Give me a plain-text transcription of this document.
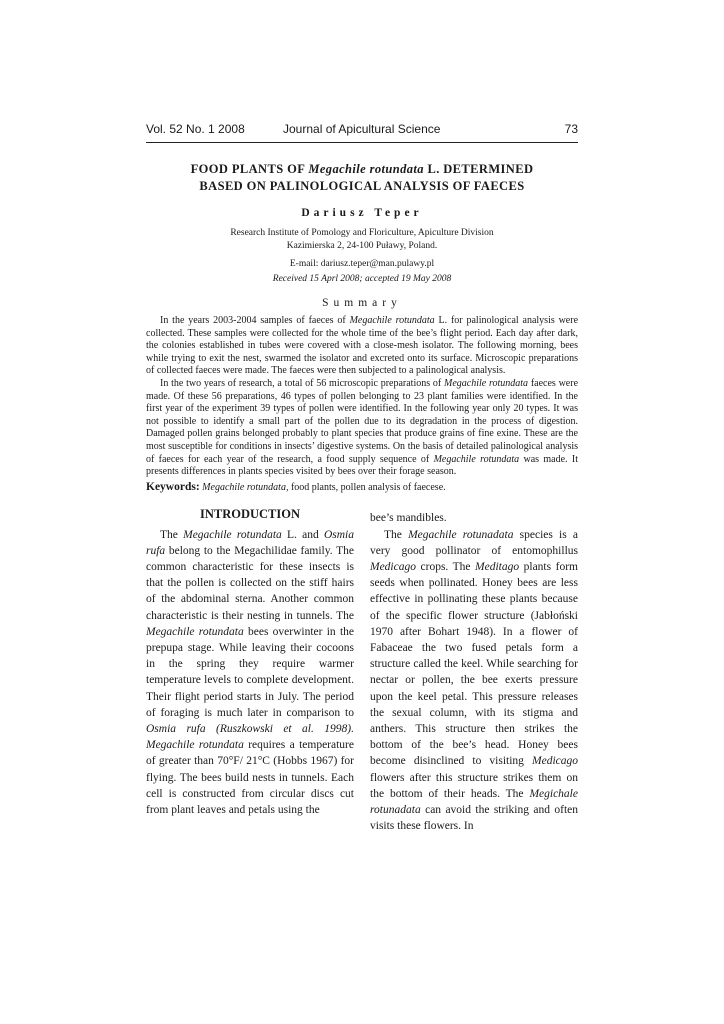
Vol. 52 No. 1 2008	Journal of Apicultural Science	73
FOOD PLANTS OF Megachile rotundata L. DETERMINED
BASED ON PALINOLOGICAL ANALYSIS OF FAECES
Dariusz Teper
Research Institute of Pomology and Floriculture, Apiculture Division
Kazimierska 2, 24-100 Puławy, Poland.
E-mail: dariusz.teper@man.pulawy.pl
Received 15 Aprl 2008; accepted 19 May 2008
Summary

In the years 2003-2004 samples of faeces of Megachile rotundata L. for palinological analysis were collected. These samples were collected for the whole time of the bee’s flight period. Each day after dark, the colonies established in tubes were covered with a close-mesh isolator. The following morning, bees while trying to exit the nest, swarmed the isolator and excreted onto its surface. Microscopic preparations of collected faeces were made. The faeces were then subjected to a palinological analysis.

In the two years of research, a total of 56 microscopic preparations of Megachile rotundata faeces were made. Of these 56 preparations, 46 types of pollen belonging to 23 plant families were identified. In the first year of the experiment 39 types of pollen were identified. In the following year only 20 types. It was not possible to identify a small part of the pollen due to its degradation in the process of digestion. Damaged pollen grains belonged probably to plant species that produce grains of fine exine. These are the most susceptible for conditions in insects’ digestive systems. On the basis of detailed palinological analysis of faeces for each year of the research, a food supply sequence of Megachile rotundata was made. It presents differences in plants species visited by bees over their forage season.

Keywords: Megachile rotundata, food plants, pollen analysis of faecese.
INTRODUCTION

The Megachile rotundata L. and Osmia rufa belong to the Megachilidae family. The common characteristic for these insects is that the pollen is collected on the stiff hairs of the abdominal sterna. Another common characteristic is their nesting in tunnels. The Megachile rotundata bees overwinter in the prepupa stage. While leaving their cocoons in the spring they require warmer temperature levels to complete development. Their flight period starts in July. The period of foraging is much later in comparison to Osmia rufa (Ruszkowski et al. 1998). Megachile rotundata requires a temperature of greater than 70°F/ 21°C (Hobbs 1967) for flying. The bees build nests in tunnels. Each cell is constructed from circular discs cut from plant leaves and petals using the

bee’s mandibles.

The Megachile rotunadata species is a very good pollinator of entomophillus Medicago crops. The Meditago plants form seeds when pollinated. Honey bees are less effective in pollinating these plants because of the specific flower structure (Jabłoński 1970 after Bohart 1948). In a flower of Fabaceae the two fused petals form a structure called the keel. While searching for nectar or pollen, the bee exerts pressure upon the keel petal. This pressure releases the sexual column, with its stigma and anthers. This structure then strikes the bottom of the bee’s head. Honey bees become disinclined to visiting Medicago flowers after this structure strikes them on the bottom of their heads. The Megichale rotunadata can avoid the striking and often visits these flowers. In
